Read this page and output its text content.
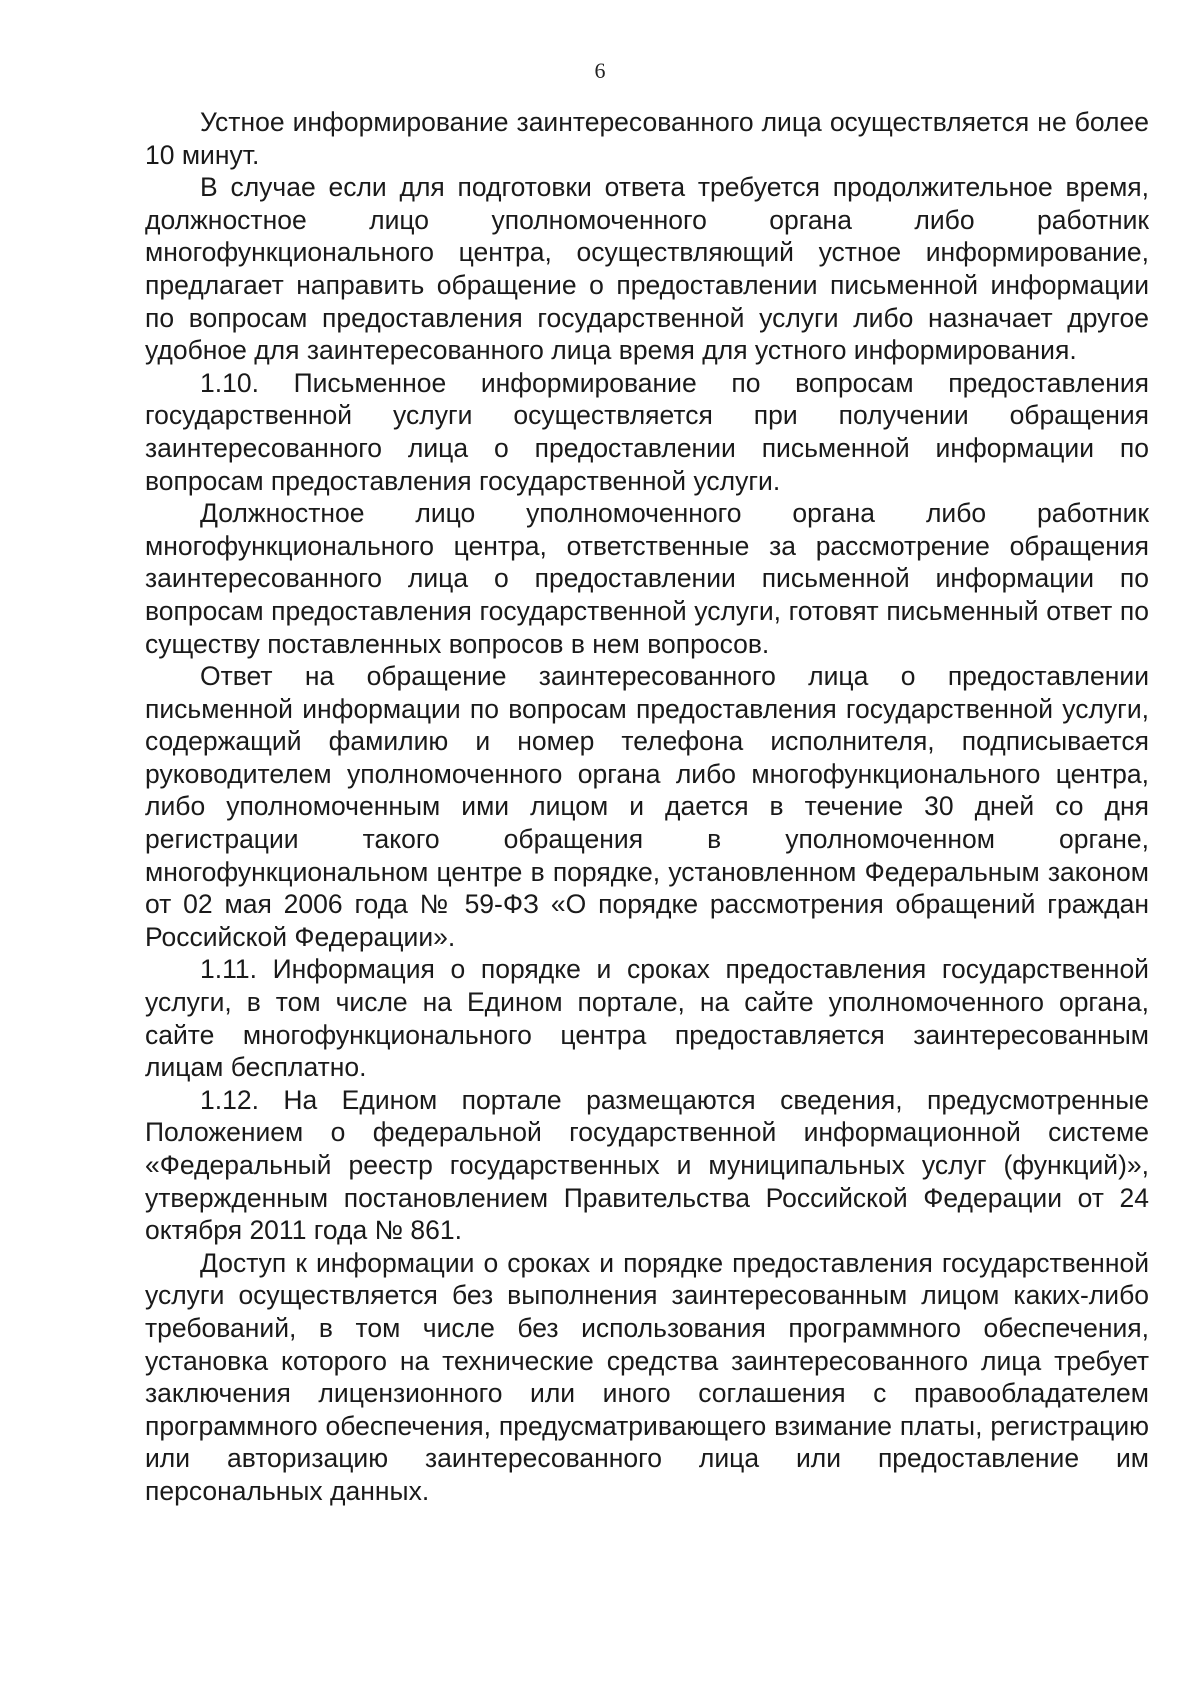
6

Устное информирование заинтересованного лица осуществляется не более 10 минут.

В случае если для подготовки ответа требуется продолжительное время, должностное лицо уполномоченного органа либо работник многофункционального центра, осуществляющий устное информирование, предлагает направить обращение о предоставлении письменной информации по вопросам предоставления государственной услуги либо назначает другое удобное для заинтересованного лица время для устного информирования.

1.10. Письменное информирование по вопросам предоставления государственной услуги осуществляется при получении обращения заинтересованного лица о предоставлении письменной информации по вопросам предоставления государственной услуги.

Должностное лицо уполномоченного органа либо работник многофункционального центра, ответственные за рассмотрение обращения заинтересованного лица о предоставлении письменной информации по вопросам предоставления государственной услуги, готовят письменный ответ по существу поставленных вопросов в нем вопросов.

Ответ на обращение заинтересованного лица о предоставлении письменной информации по вопросам предоставления государственной услуги, содержащий фамилию и номер телефона исполнителя, подписывается руководителем уполномоченного органа либо многофункционального центра, либо уполномоченным ими лицом и дается в течение 30 дней со дня регистрации такого обращения в уполномоченном органе, многофункциональном центре в порядке, установленном Федеральным законом от 02 мая 2006 года № 59-ФЗ «О порядке рассмотрения обращений граждан Российской Федерации».

1.11. Информация о порядке и сроках предоставления государственной услуги, в том числе на Едином портале, на сайте уполномоченного органа, сайте многофункционального центра предоставляется заинтересованным лицам бесплатно.

1.12. На Едином портале размещаются сведения, предусмотренные Положением о федеральной государственной информационной системе «Федеральный реестр государственных и муниципальных услуг (функций)», утвержденным постановлением Правительства Российской Федерации от 24 октября 2011 года № 861.

Доступ к информации о сроках и порядке предоставления государственной услуги осуществляется без выполнения заинтересованным лицом каких-либо требований, в том числе без использования программного обеспечения, установка которого на технические средства заинтересованного лица требует заключения лицензионного или иного соглашения с правообладателем программного обеспечения, предусматривающего взимание платы, регистрацию или авторизацию заинтересованного лица или предоставление им персональных данных.
